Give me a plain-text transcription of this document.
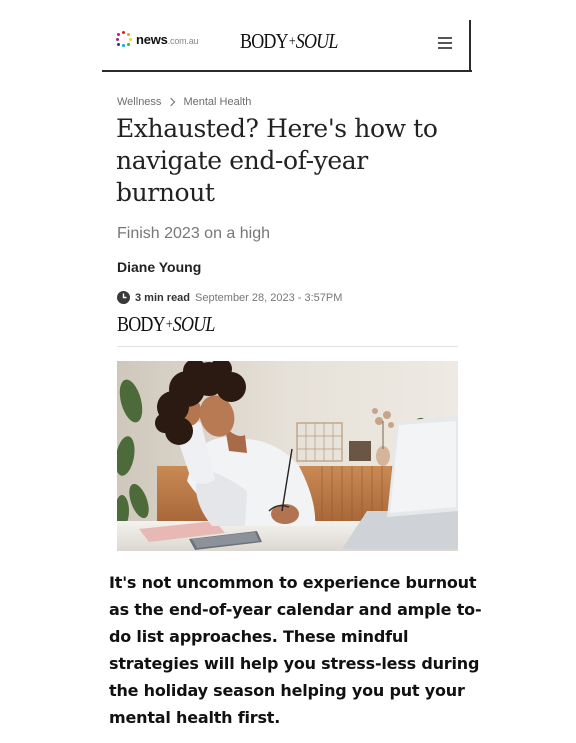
news.com.au BODY+SOUL
Wellness Mental Health
Exhausted? Here's how to navigate end-of-year burnout
Finish 2023 on a high
Diane Young
3 min read September 28, 2023 - 3:57PM
BODY+SOUL

It's not uncommon to experience burnout as the end-of-year calendar and ample to-do list approaches. These mindful strategies will help you stress-less during the holiday season helping you put your mental health first.
